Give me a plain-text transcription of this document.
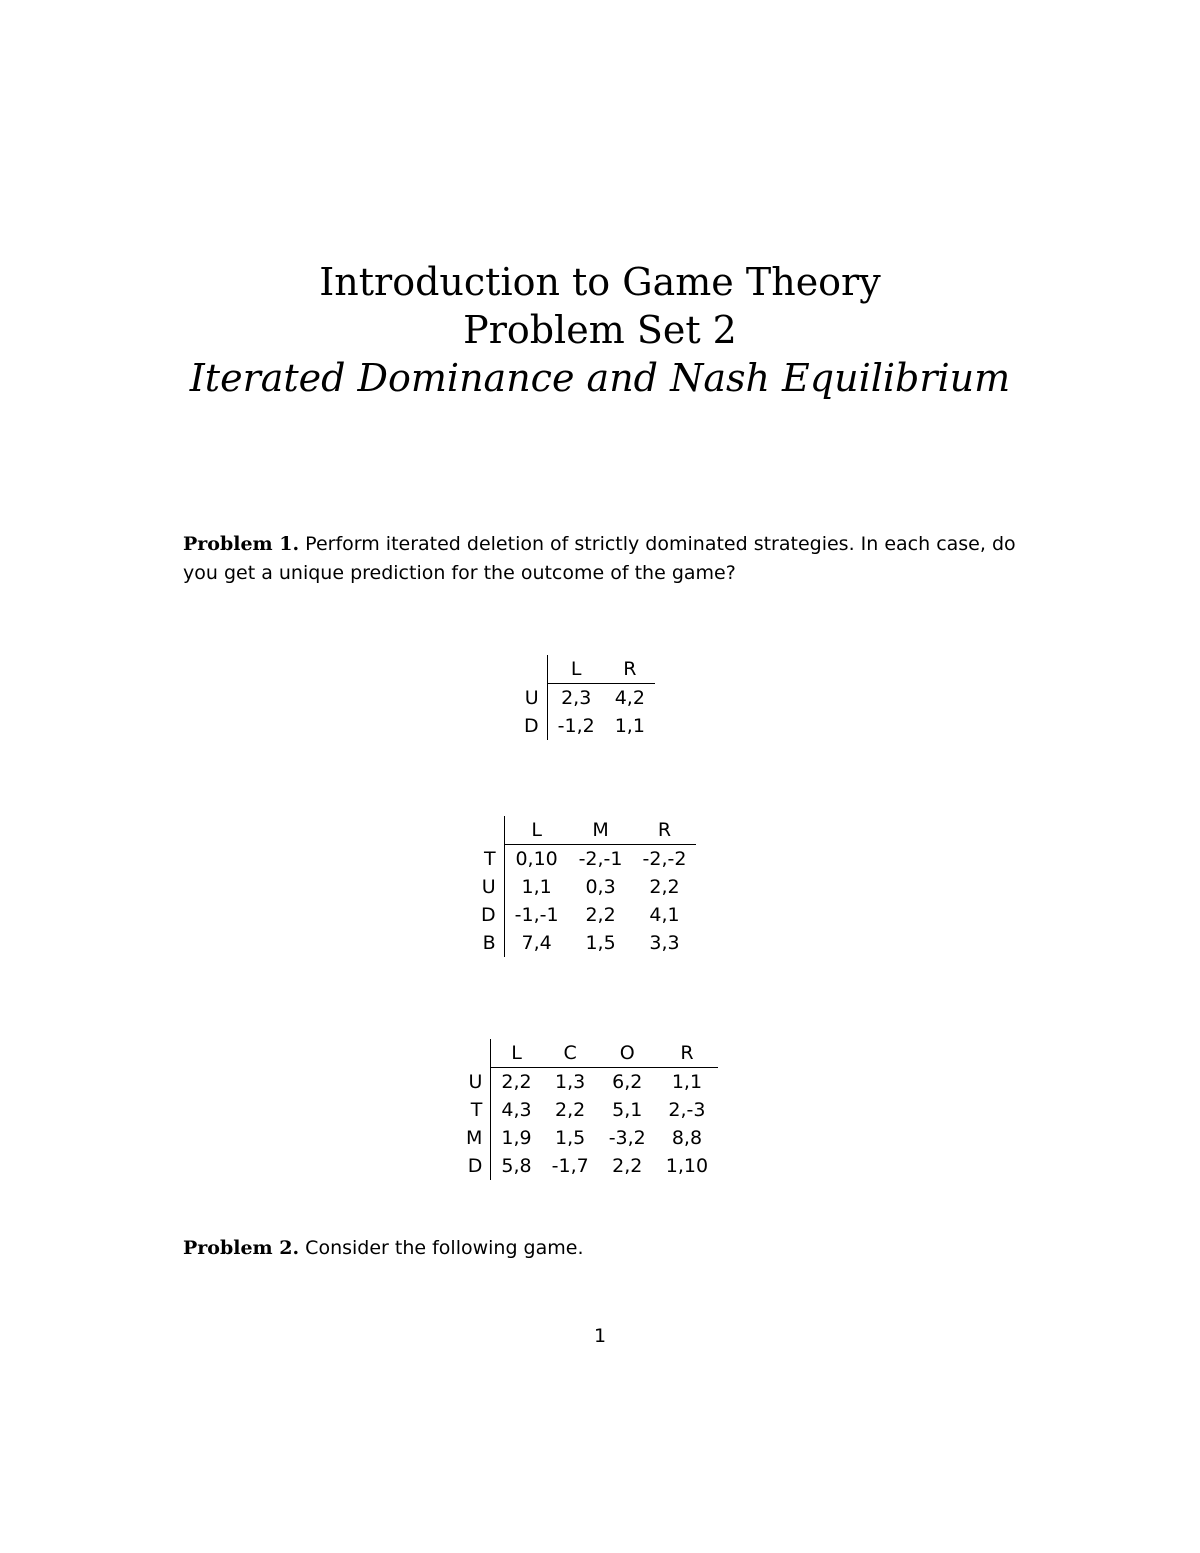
Introduction to Game Theory

Problem Set 2

Iterated Dominance and Nash Equilibrium

Problem 1. Perform iterated deletion of strictly dominated strategies. In each case, do you get a unique prediction for the outcome of the game?

	L	R
U	2,3	4,2
D	-1,2	1,1
	L	M	R
T	0,10	-2,-1	-2,-2
U	1,1	0,3	2,2
D	-1,-1	2,2	4,1
B	7,4	1,5	3,3
	L	C	O	R
U	2,2	1,3	6,2	1,1
T	4,3	2,2	5,1	2,-3
M	1,9	1,5	-3,2	8,8
D	5,8	-1,7	2,2	1,10

Problem 2. Consider the following game.

1
